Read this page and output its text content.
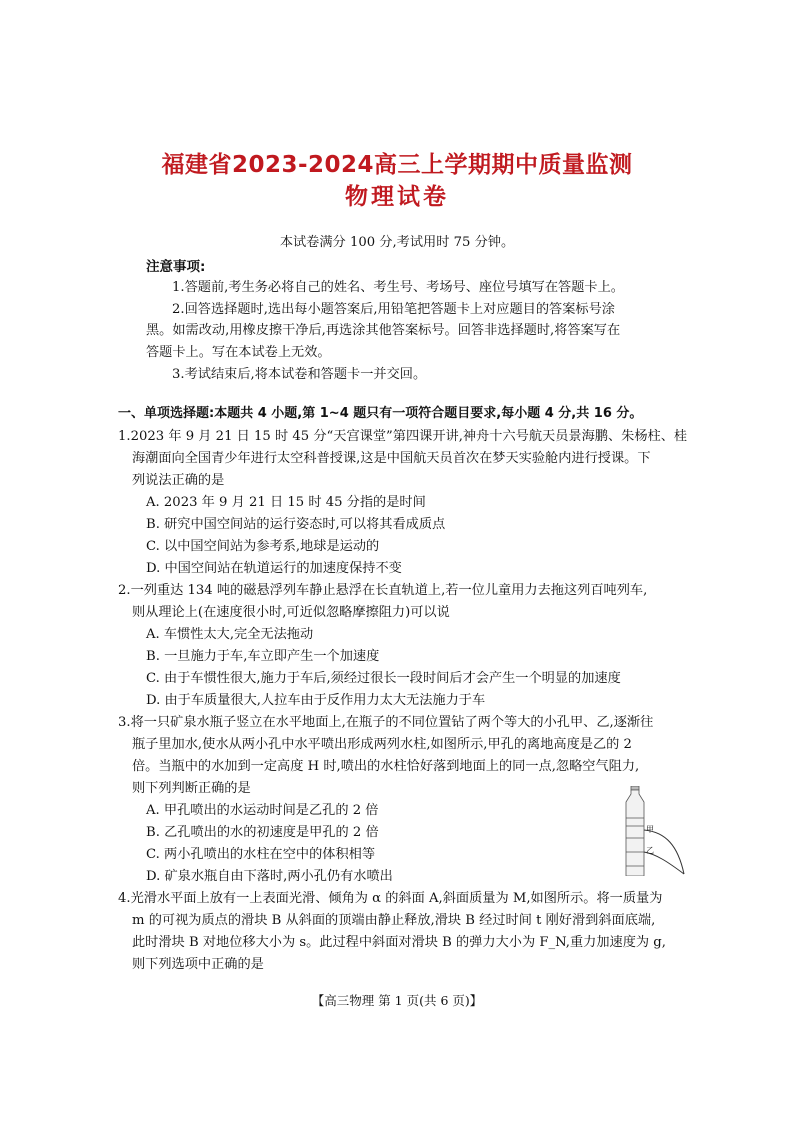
福建省2023-2024高三上学期期中质量监测
物理试卷
本试卷满分 100 分,考试用时 75 分钟。
注意事项:
1.答题前,考生务必将自己的姓名、考生号、考场号、座位号填写在答题卡上。
2.回答选择题时,选出每小题答案后,用铅笔把答题卡上对应题目的答案标号涂
黑。如需改动,用橡皮擦干净后,再选涂其他答案标号。回答非选择题时,将答案写在
答题卡上。写在本试卷上无效。
3.考试结束后,将本试卷和答题卡一并交回。
一、单项选择题:本题共 4 小题,第 1~4 题只有一项符合题目要求,每小题 4 分,共 16 分。
1.2023 年 9 月 21 日 15 时 45 分“天宫课堂”第四课开讲,神舟十六号航天员景海鹏、朱杨柱、桂
海潮面向全国青少年进行太空科普授课,这是中国航天员首次在梦天实验舱内进行授课。下
列说法正确的是
A. 2023 年 9 月 21 日 15 时 45 分指的是时间
B. 研究中国空间站的运行姿态时,可以将其看成质点
C. 以中国空间站为参考系,地球是运动的
D. 中国空间站在轨道运行的加速度保持不变
2.一列重达 134 吨的磁悬浮列车静止悬浮在长直轨道上,若一位儿童用力去拖这列百吨列车,
则从理论上(在速度很小时,可近似忽略摩擦阻力)可以说
A. 车惯性太大,完全无法拖动
B. 一旦施力于车,车立即产生一个加速度
C. 由于车惯性很大,施力于车后,须经过很长一段时间后才会产生一个明显的加速度
D. 由于车质量很大,人拉车由于反作用力太大无法施力于车
3.将一只矿泉水瓶子竖立在水平地面上,在瓶子的不同位置钻了两个等大的小孔甲、乙,逐渐往
瓶子里加水,使水从两小孔中水平喷出形成两列水柱,如图所示,甲孔的离地高度是乙的 2
倍。当瓶中的水加到一定高度 H 时,喷出的水柱恰好落到地面上的同一点,忽略空气阻力,
则下列判断正确的是
A. 甲孔喷出的水运动时间是乙孔的 2 倍
B. 乙孔喷出的水的初速度是甲孔的 2 倍
C. 两小孔喷出的水柱在空中的体积相等
D. 矿泉水瓶自由下落时,两小孔仍有水喷出
甲
乙
4.光滑水平面上放有一上表面光滑、倾角为 α 的斜面 A,斜面质量为 M,如图所示。将一质量为
m 的可视为质点的滑块 B 从斜面的顶端由静止释放,滑块 B 经过时间 t 刚好滑到斜面底端,
此时滑块 B 对地位移大小为 s。此过程中斜面对滑块 B 的弹力大小为 F_N,重力加速度为 g,
则下列选项中正确的是
【高三物理 第 1 页(共 6 页)】
